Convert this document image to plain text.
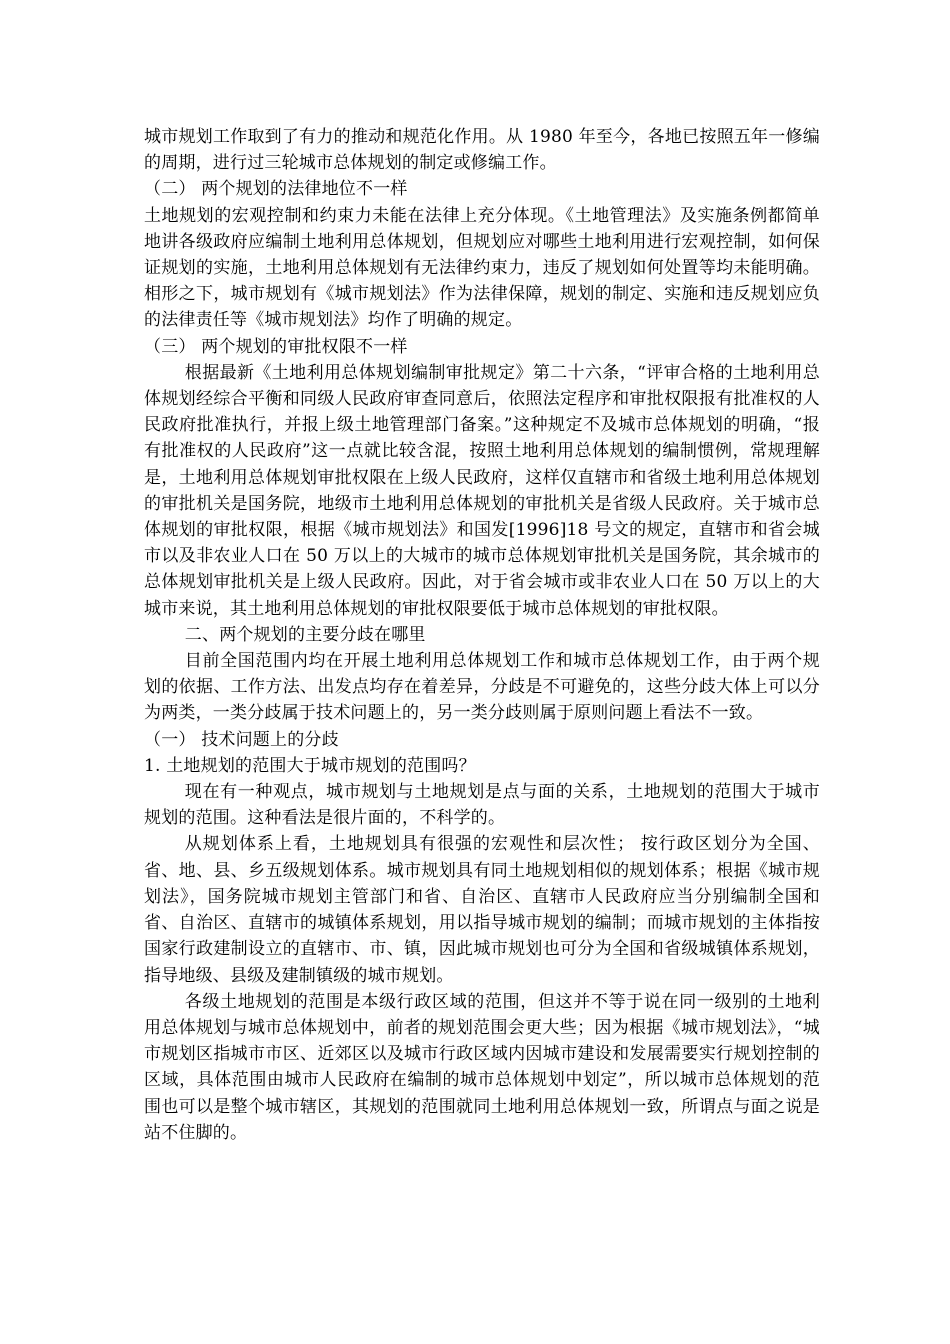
城市规划工作取到了有力的推动和规范化作用。从 1980 年至今，各地已按照五年一修编的周期，进行过三轮城市总体规划的制定或修编工作。

（二） 两个规划的法律地位不一样

土地规划的宏观控制和约束力未能在法律上充分体现。《土地管理法》及实施条例都简单地讲各级政府应编制土地利用总体规划，但规划应对哪些土地利用进行宏观控制，如何保证规划的实施，土地利用总体规划有无法律约束力，违反了规划如何处置等均未能明确。相形之下，城市规划有《城市规划法》作为法律保障，规划的制定、实施和违反规划应负的法律责任等《城市规划法》均作了明确的规定。

（三） 两个规划的审批权限不一样

根据最新《土地利用总体规划编制审批规定》第二十六条，“评审合格的土地利用总体规划经综合平衡和同级人民政府审查同意后，依照法定程序和审批权限报有批准权的人民政府批准执行，并报上级土地管理部门备案。”这种规定不及城市总体规划的明确，“报有批准权的人民政府”这一点就比较含混，按照土地利用总体规划的编制惯例，常规理解是，土地利用总体规划审批权限在上级人民政府，这样仅直辖市和省级土地利用总体规划的审批机关是国务院，地级市土地利用总体规划的审批机关是省级人民政府。关于城市总体规划的审批权限，根据《城市规划法》和国发[1996]18 号文的规定，直辖市和省会城市以及非农业人口在 50 万以上的大城市的城市总体规划审批机关是国务院，其余城市的总体规划审批机关是上级人民政府。因此，对于省会城市或非农业人口在 50 万以上的大城市来说，其土地利用总体规划的审批权限要低于城市总体规划的审批权限。

二、两个规划的主要分歧在哪里

目前全国范围内均在开展土地利用总体规划工作和城市总体规划工作，由于两个规划的依据、工作方法、出发点均存在着差异，分歧是不可避免的，这些分歧大体上可以分为两类，一类分歧属于技术问题上的，另一类分歧则属于原则问题上看法不一致。

（一） 技术问题上的分歧

1. 土地规划的范围大于城市规划的范围吗？

现在有一种观点，城市规划与土地规划是点与面的关系，土地规划的范围大于城市规划的范围。这种看法是很片面的，不科学的。

从规划体系上看，土地规划具有很强的宏观性和层次性； 按行政区划分为全国、省、地、县、乡五级规划体系。城市规划具有同土地规划相似的规划体系；根据《城市规划法》，国务院城市规划主管部门和省、自治区、直辖市人民政府应当分别编制全国和省、自治区、直辖市的城镇体系规划，用以指导城市规划的编制；而城市规划的主体指按国家行政建制设立的直辖市、市、镇，因此城市规划也可分为全国和省级城镇体系规划，指导地级、县级及建制镇级的城市规划。

各级土地规划的范围是本级行政区域的范围，但这并不等于说在同一级别的土地利用总体规划与城市总体规划中，前者的规划范围会更大些；因为根据《城市规划法》，“城市规划区指城市市区、近郊区以及城市行政区域内因城市建设和发展需要实行规划控制的区域，具体范围由城市人民政府在编制的城市总体规划中划定”，所以城市总体规划的范围也可以是整个城市辖区，其规划的范围就同土地利用总体规划一致，所谓点与面之说是站不住脚的。
